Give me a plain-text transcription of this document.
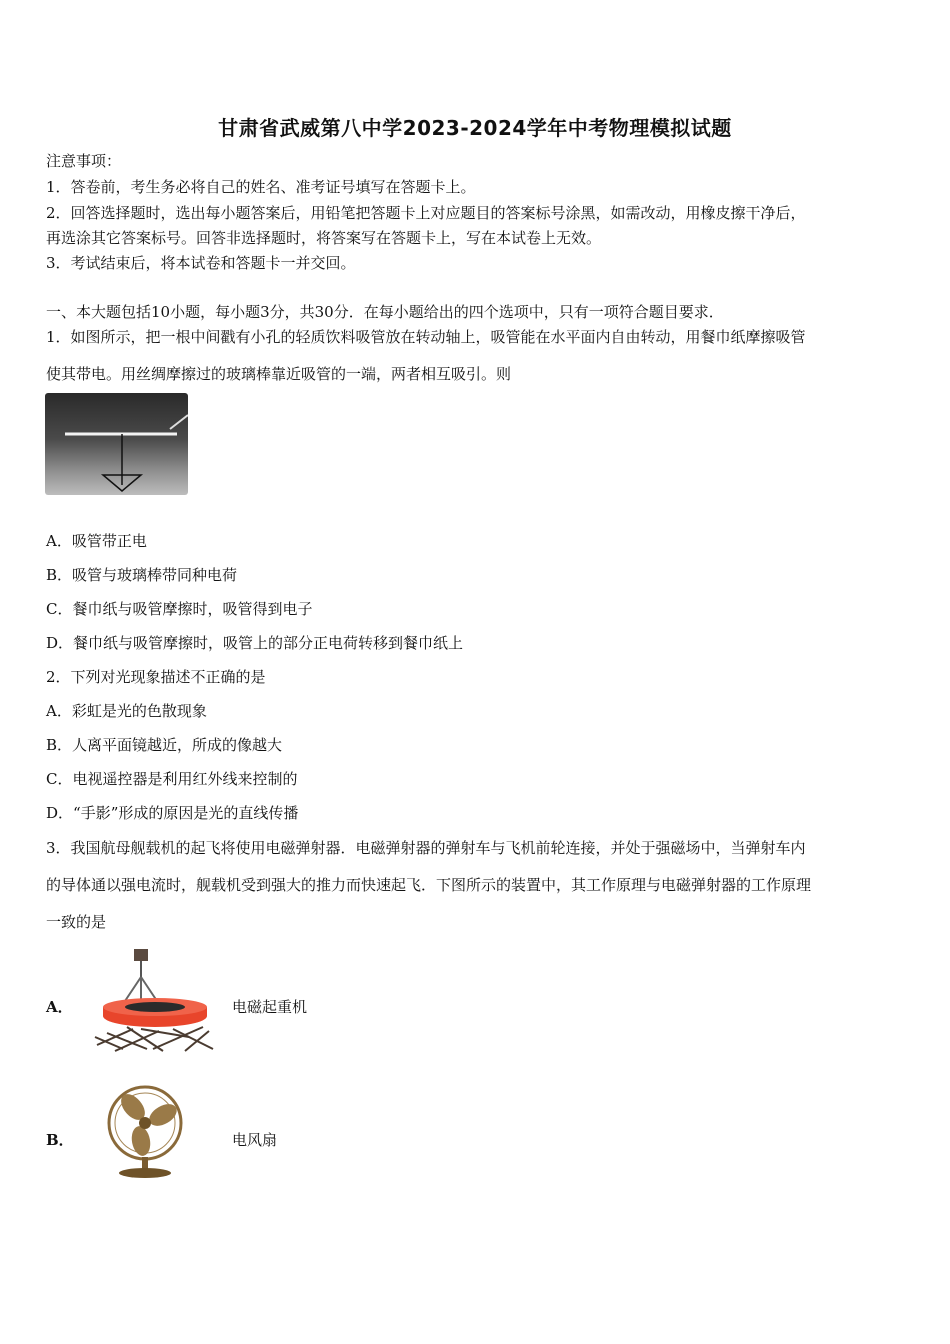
甘肃省武威第八中学2023-2024学年中考物理模拟试题
注意事项：
1．答卷前，考生务必将自己的姓名、准考证号填写在答题卡上。
2．回答选择题时，选出每小题答案后，用铅笔把答题卡上对应题目的答案标号涂黑，如需改动，用橡皮擦干净后，
再选涂其它答案标号。回答非选择题时，将答案写在答题卡上，写在本试卷上无效。
3．考试结束后，将本试卷和答题卡一并交回。
一、本大题包括10小题，每小题3分，共30分．在每小题给出的四个选项中，只有一项符合题目要求．
1．如图所示，把一根中间戳有小孔的轻质饮料吸管放在转动轴上，吸管能在水平面内自由转动，用餐巾纸摩擦吸管
使其带电。用丝绸摩擦过的玻璃棒靠近吸管的一端，两者相互吸引。则
A．吸管带正电
B．吸管与玻璃棒带同种电荷
C．餐巾纸与吸管摩擦时，吸管得到电子
D．餐巾纸与吸管摩擦时，吸管上的部分正电荷转移到餐巾纸上
2．下列对光现象描述不正确的是
A．彩虹是光的色散现象
B．人离平面镜越近，所成的像越大
C．电视遥控器是利用红外线来控制的
D．“手影”形成的原因是光的直线传播
3．我国航母舰载机的起飞将使用电磁弹射器．电磁弹射器的弹射车与飞机前轮连接，并处于强磁场中，当弹射车内
的导体通以强电流时，舰载机受到强大的推力而快速起飞．下图所示的装置中，其工作原理与电磁弹射器的工作原理
一致的是
A．	电磁起重机
B．	电风扇
